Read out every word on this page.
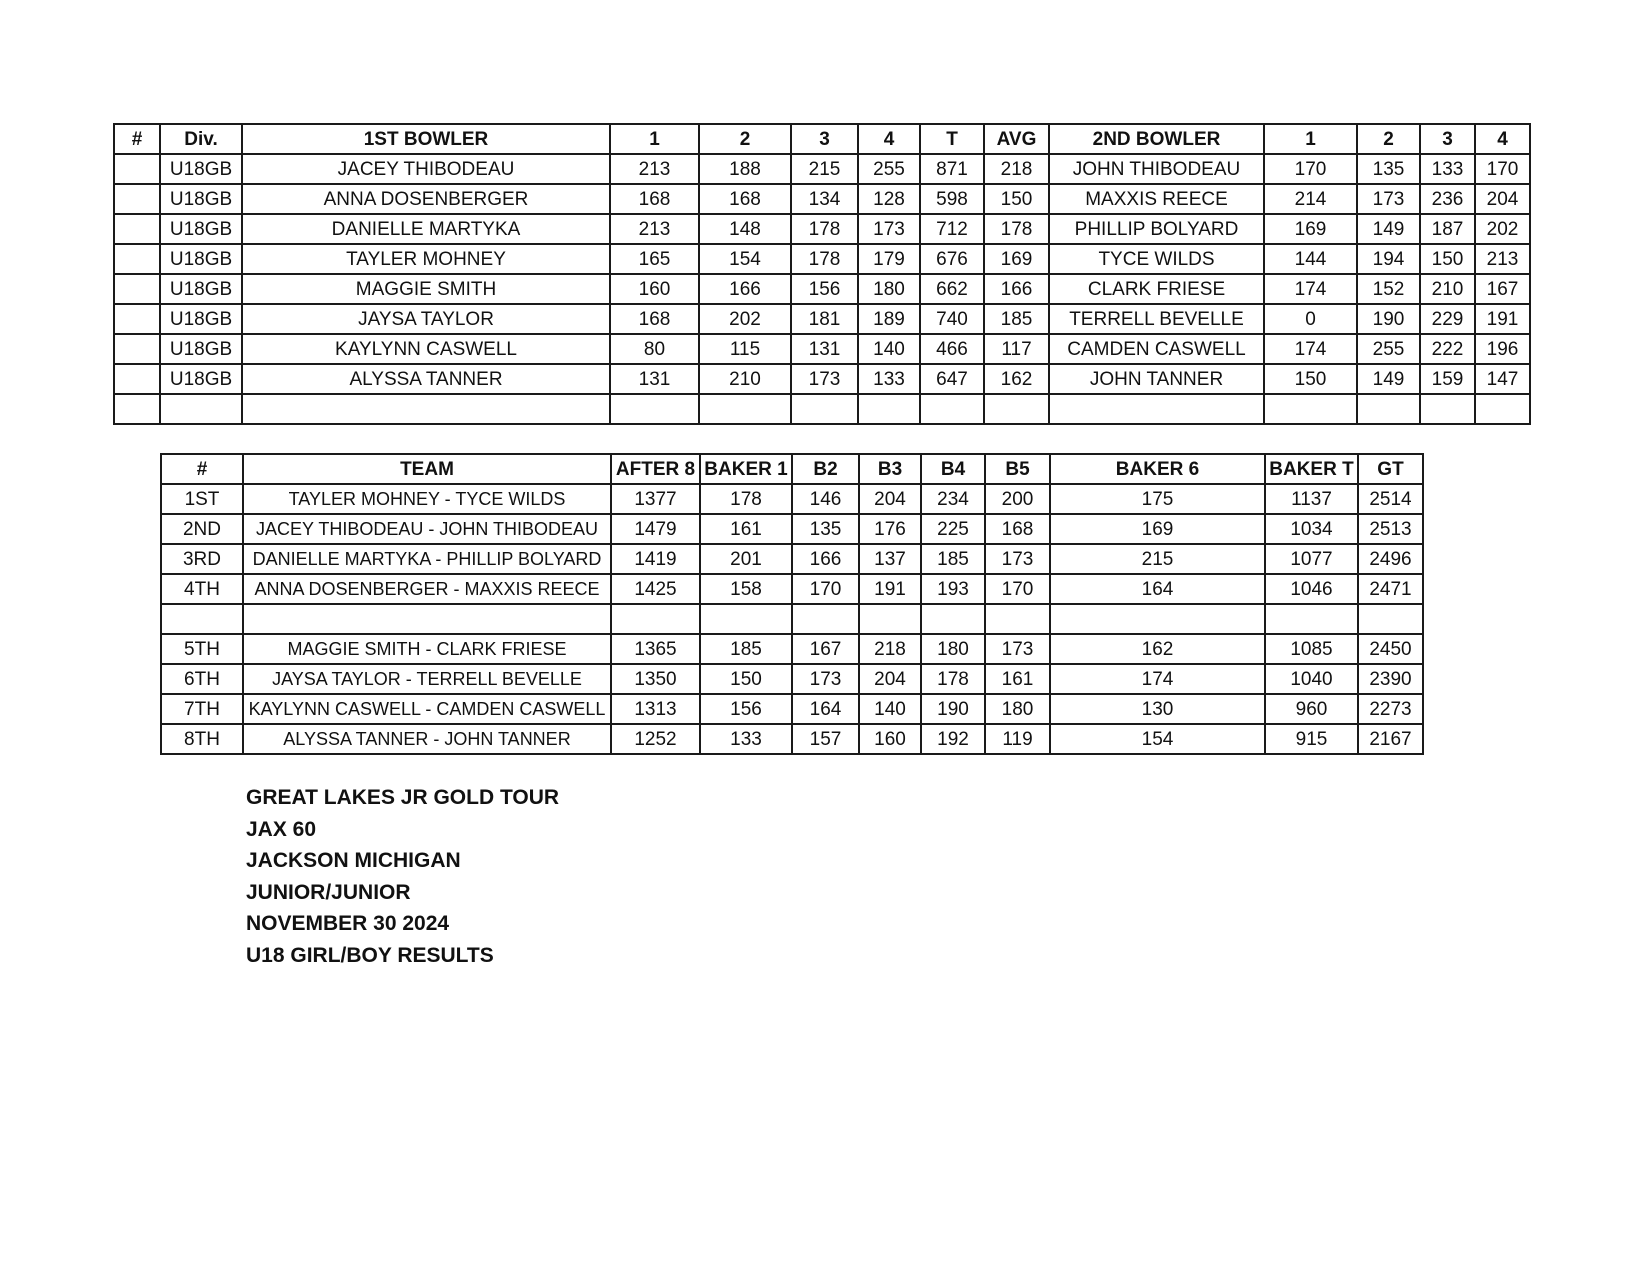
#	Div.	1ST BOWLER	1	2	3	4	T	AVG	2ND BOWLER	1	2	3	4
	U18GB	JACEY THIBODEAU	213	188	215	255	871	218	JOHN THIBODEAU	170	135	133	170
	U18GB	ANNA DOSENBERGER	168	168	134	128	598	150	MAXXIS REECE	214	173	236	204
	U18GB	DANIELLE MARTYKA	213	148	178	173	712	178	PHILLIP BOLYARD	169	149	187	202
	U18GB	TAYLER MOHNEY	165	154	178	179	676	169	TYCE WILDS	144	194	150	213
	U18GB	MAGGIE SMITH	160	166	156	180	662	166	CLARK FRIESE	174	152	210	167
	U18GB	JAYSA TAYLOR	168	202	181	189	740	185	TERRELL BEVELLE	0	190	229	191
	U18GB	KAYLYNN CASWELL	80	115	131	140	466	117	CAMDEN CASWELL	174	255	222	196
	U18GB	ALYSSA TANNER	131	210	173	133	647	162	JOHN TANNER	150	149	159	147

#	TEAM	AFTER 8	BAKER 1	B2	B3	B4	B5	BAKER 6	BAKER T	GT
1ST	TAYLER MOHNEY - TYCE WILDS	1377	178	146	204	234	200	175	1137	2514
2ND	JACEY THIBODEAU - JOHN THIBODEAU	1479	161	135	176	225	168	169	1034	2513
3RD	DANIELLE MARTYKA - PHILLIP BOLYARD	1419	201	166	137	185	173	215	1077	2496
4TH	ANNA DOSENBERGER - MAXXIS REECE	1425	158	170	191	193	170	164	1046	2471

5TH	MAGGIE SMITH - CLARK FRIESE	1365	185	167	218	180	173	162	1085	2450
6TH	JAYSA TAYLOR - TERRELL BEVELLE	1350	150	173	204	178	161	174	1040	2390
7TH	KAYLYNN CASWELL - CAMDEN CASWELL	1313	156	164	140	190	180	130	960	2273
8TH	ALYSSA TANNER - JOHN TANNER	1252	133	157	160	192	119	154	915	2167
GREAT LAKES JR GOLD TOUR
JAX 60
JACKSON MICHIGAN
JUNIOR/JUNIOR
NOVEMBER 30 2024
U18 GIRL/BOY RESULTS
